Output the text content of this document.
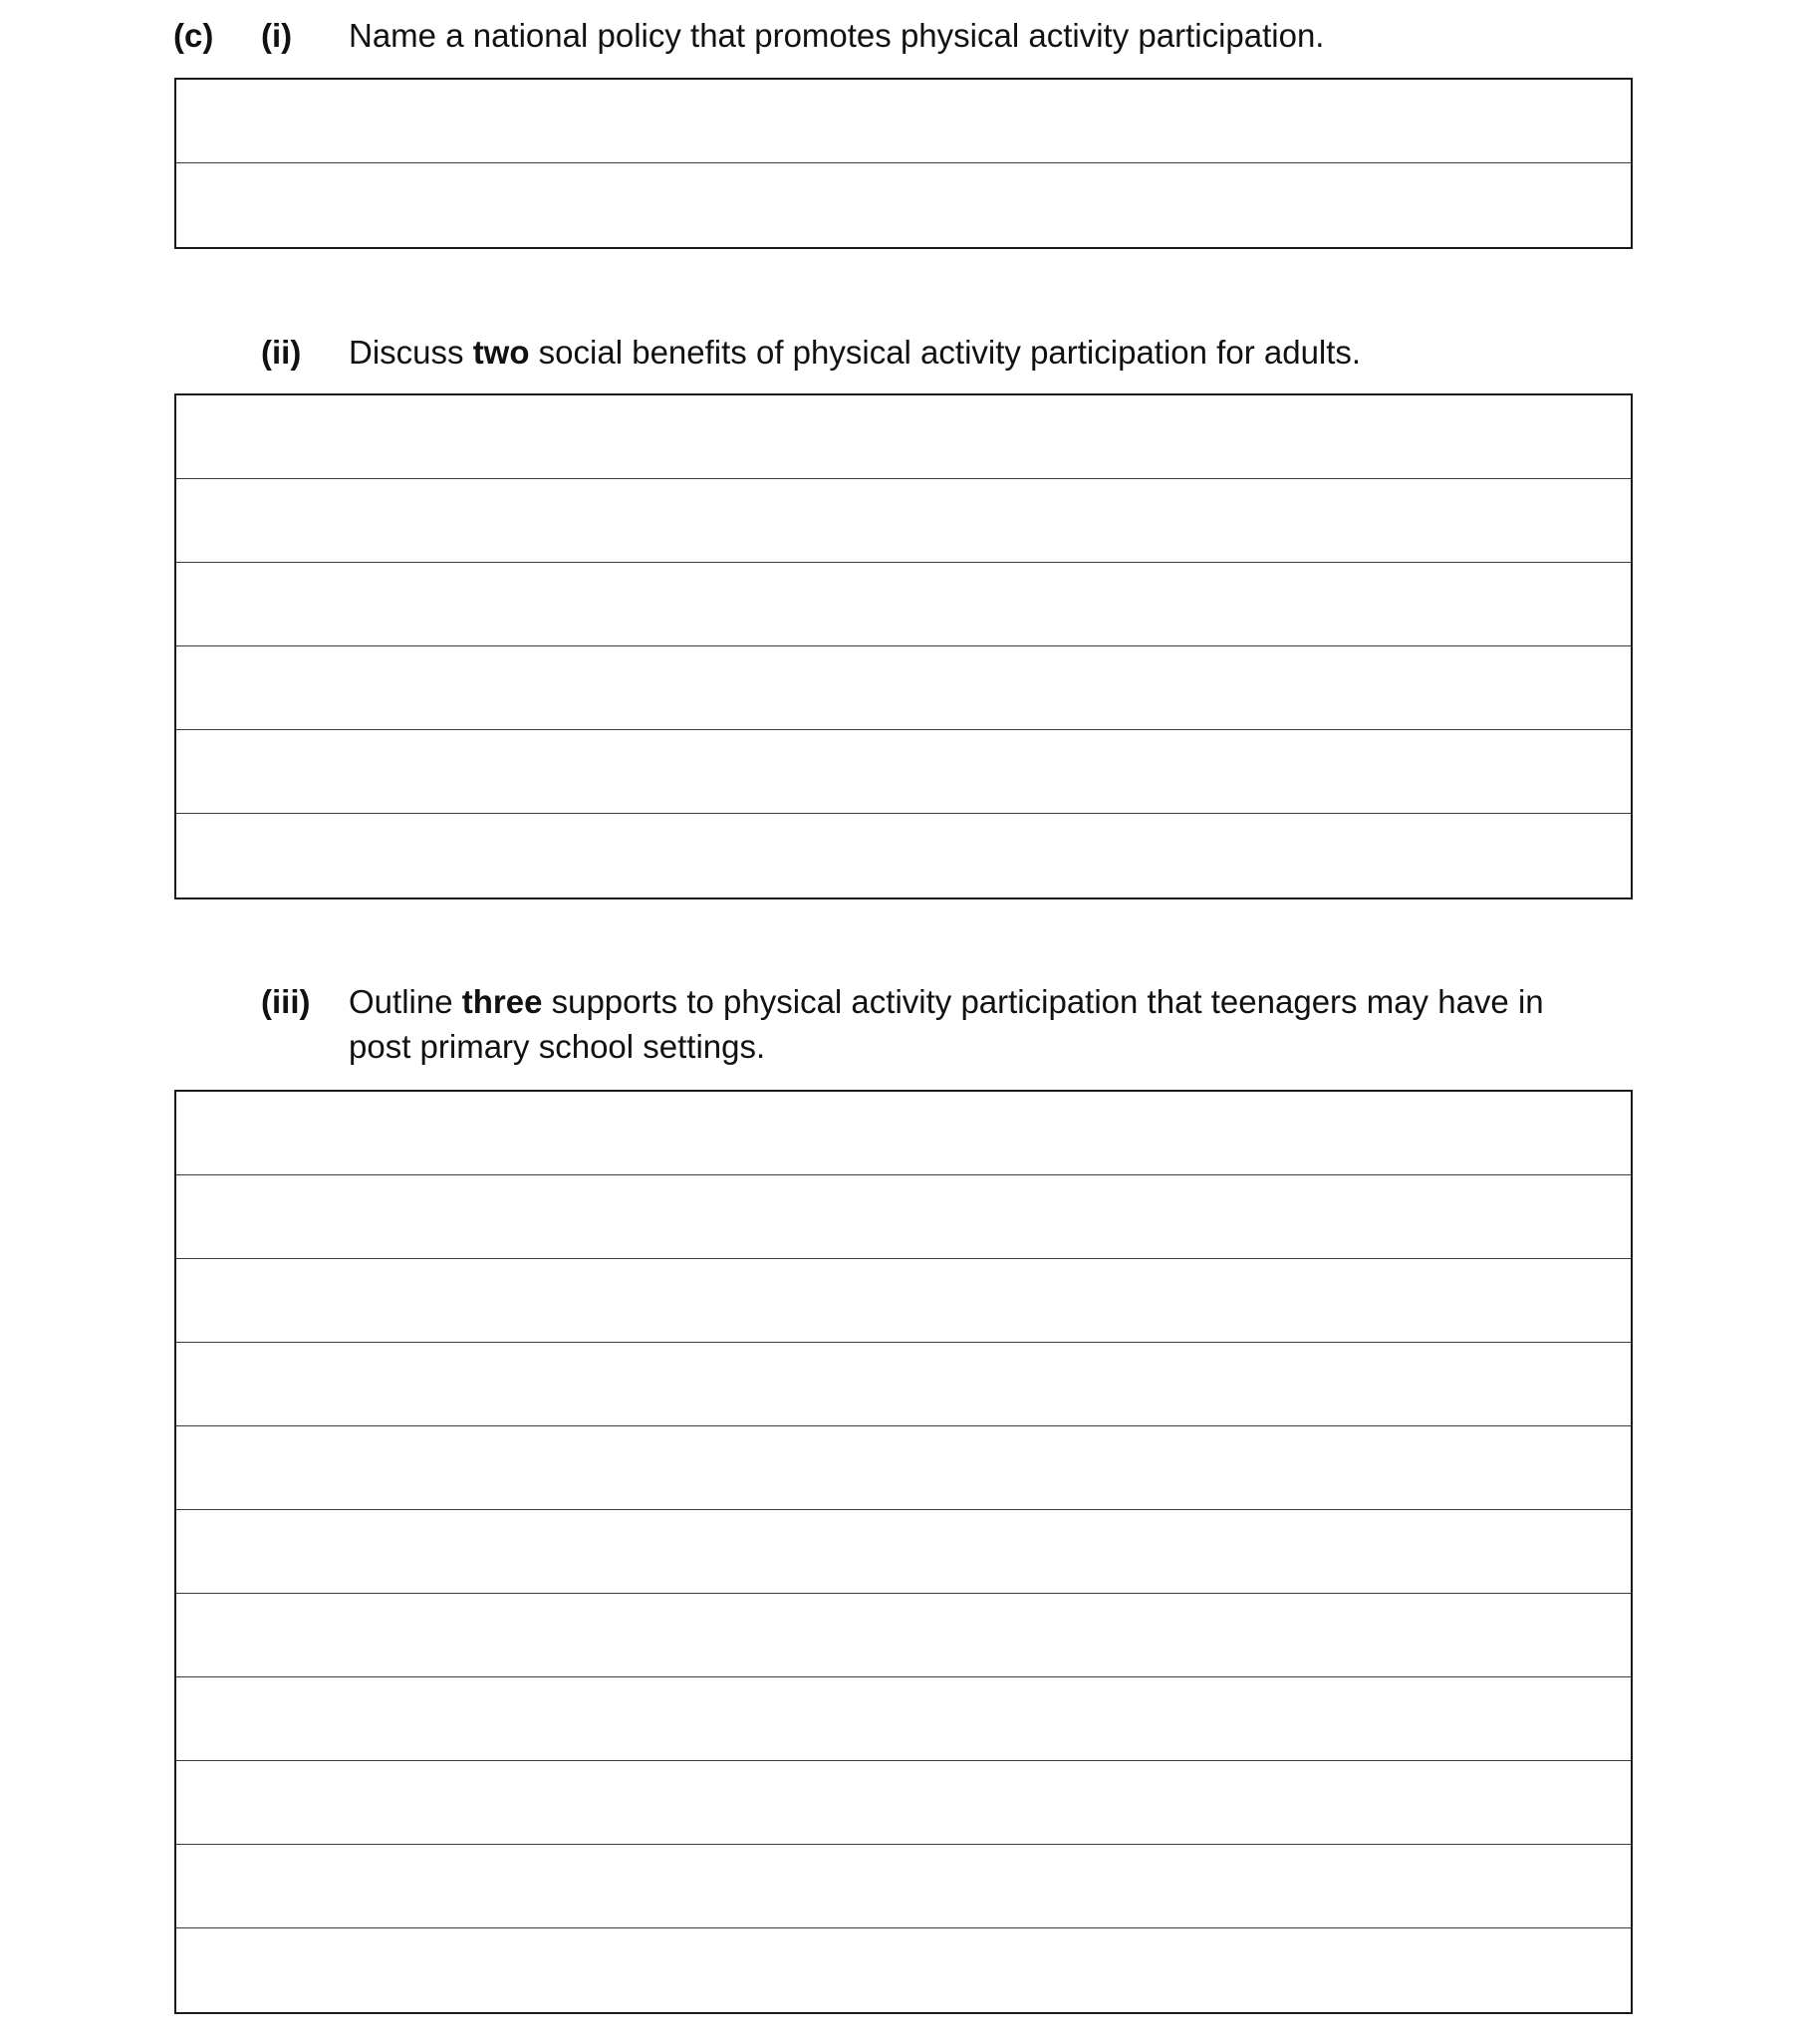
(c) (i) Name a national policy that promotes physical activity participation.
(ii) Discuss two social benefits of physical activity participation for adults.
(iii) Outline three supports to physical activity participation that teenagers may have in
post primary school settings.
